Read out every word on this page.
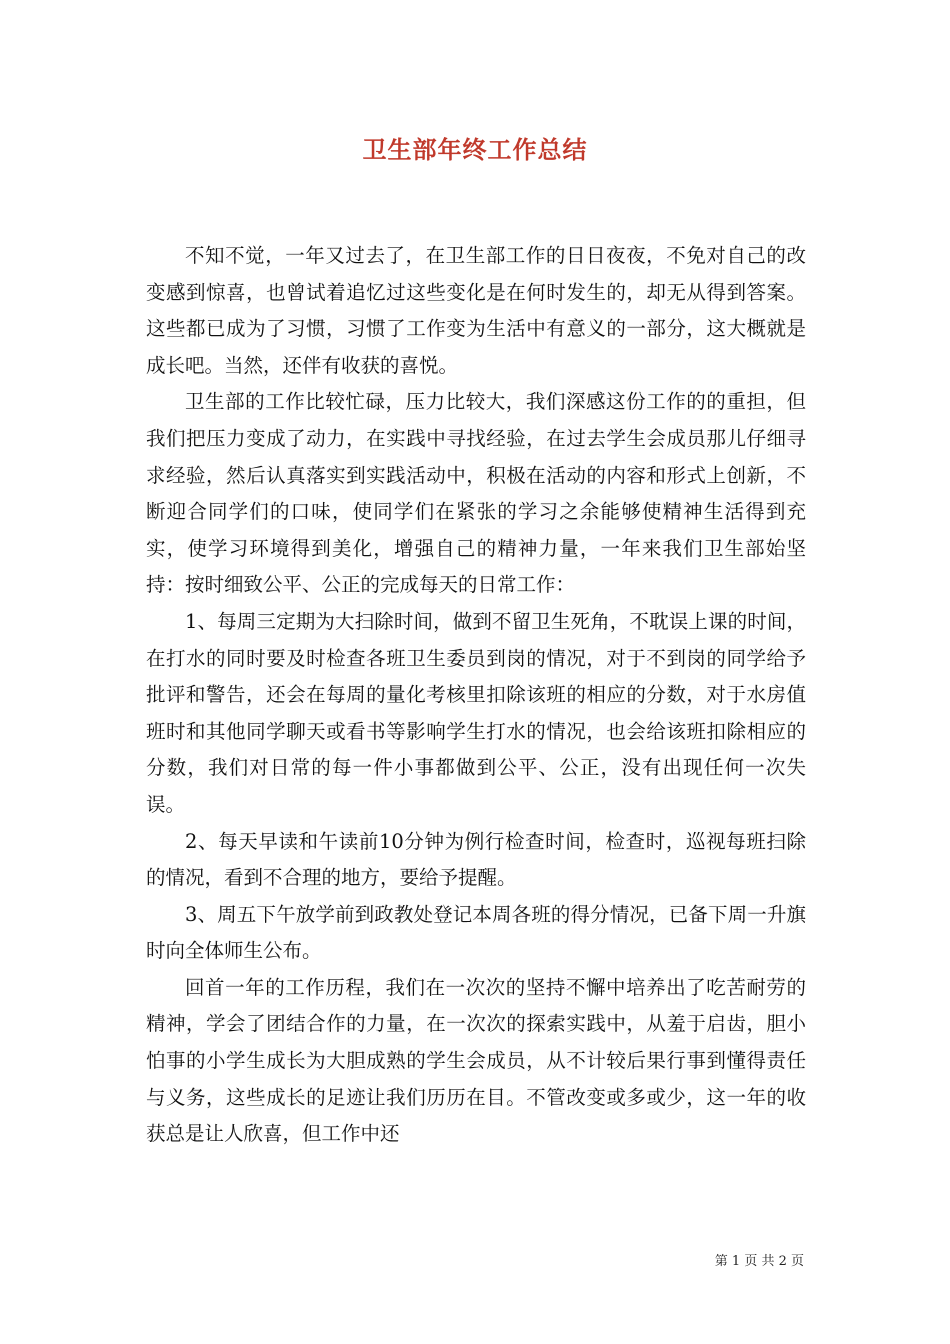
卫生部年终工作总结

不知不觉，一年又过去了，在卫生部工作的日日夜夜，不免对自己的改变感到惊喜，也曾试着追忆过这些变化是在何时发生的，却无从得到答案。这些都已成为了习惯，习惯了工作变为生活中有意义的一部分，这大概就是成长吧。当然，还伴有收获的喜悦。

卫生部的工作比较忙碌，压力比较大，我们深感这份工作的的重担，但我们把压力变成了动力，在实践中寻找经验，在过去学生会成员那儿仔细寻求经验，然后认真落实到实践活动中，积极在活动的内容和形式上创新，不断迎合同学们的口味，使同学们在紧张的学习之余能够使精神生活得到充实，使学习环境得到美化，增强自己的精神力量，一年来我们卫生部始坚持：按时细致公平、公正的完成每天的日常工作：

1、每周三定期为大扫除时间，做到不留卫生死角，不耽误上课的时间，在打水的同时要及时检查各班卫生委员到岗的情况，对于不到岗的同学给予批评和警告，还会在每周的量化考核里扣除该班的相应的分数，对于水房值班时和其他同学聊天或看书等影响学生打水的情况，也会给该班扣除相应的分数，我们对日常的每一件小事都做到公平、公正，没有出现任何一次失误。

2、每天早读和午读前10分钟为例行检查时间，检查时，巡视每班扫除的情况，看到不合理的地方，要给予提醒。

3、周五下午放学前到政教处登记本周各班的得分情况，已备下周一升旗时向全体师生公布。

回首一年的工作历程，我们在一次次的坚持不懈中培养出了吃苦耐劳的精神，学会了团结合作的力量，在一次次的探索实践中，从羞于启齿，胆小怕事的小学生成长为大胆成熟的学生会成员，从不计较后果行事到懂得责任与义务，这些成长的足迹让我们历历在目。不管改变或多或少，这一年的收获总是让人欣喜，但工作中还

第 1 页 共 2 页
